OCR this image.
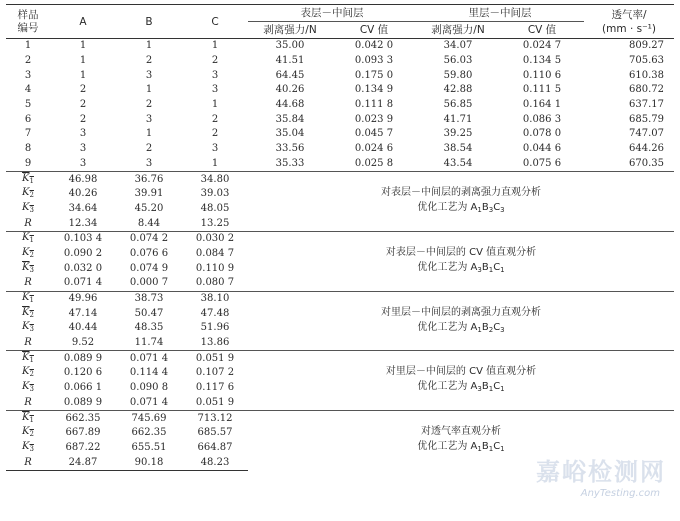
样品编号	A	B	C	表层－中间层		里层－中间层		透气率/
(mm · s⁻¹)

				剥离强力/N	CV 值	剥离强力/N	CV 值	
1	1	1	1	35.00	0.042 0	34.07	0.024 7	809.27
2	1	2	2	41.51	0.093 3	56.03	0.134 5	705.63
3	1	3	3	64.45	0.175 0	59.80	0.110 6	610.38
4	2	1	3	40.26	0.134 9	42.88	0.111 5	680.72
5	2	2	1	44.68	0.111 8	56.85	0.164 1	637.17
6	2	3	2	35.84	0.023 9	41.71	0.086 3	685.79
7	3	1	2	35.04	0.045 7	39.25	0.078 0	747.07
8	3	2	3	33.56	0.024 6	38.54	0.044 6	644.26
9	3	3	1	35.33	0.025 8	43.54	0.075 6	670.35
$K_1$	46.98	36.76	34.80	对表层－中间层的剥离强力直观分析
优化工艺为 $A_1B_3C_3$

$K_2$	40.26	39.91	39.03					
$K_3$	34.64	45.20	48.05					
R	12.34	8.44	13.25					
$K_1$	0.103 4	0.074 2	0.030 2	对表层－中间层的 CV 值直观分析
优化工艺为 $A_3B_1C_1$

$K_2$	0.090 2	0.076 6	0.084 7					
$K_3$	0.032 0	0.074 9	0.110 9					
R	0.071 4	0.000 7	0.080 7					
$K_1$	49.96	38.73	38.10	对里层－中间层的剥离强力直观分析
优化工艺为 $A_1B_2C_3$

$K_2$	47.14	50.47	47.48					
$K_3$	40.44	48.35	51.96					
R	9.52	11.74	13.86					
$K_1$	0.089 9	0.071 4	0.051 9	对里层－中间层的 CV 值直观分析
优化工艺为 $A_3B_1C_1$

$K_2$	0.120 6	0.114 4	0.107 2					
$K_3$	0.066 1	0.090 8	0.117 6					
R	0.089 9	0.071 4	0.051 9					
$K_1$	662.35	745.69	713.12	对透气率直观分析
优化工艺为 $A_1B_1C_1$

$K_2$	667.89	662.35	685.57					
$K_3$	687.22	655.51	664.87					
R	24.87	90.18	48.23						嘉峪检测网
AnyTesting.com
